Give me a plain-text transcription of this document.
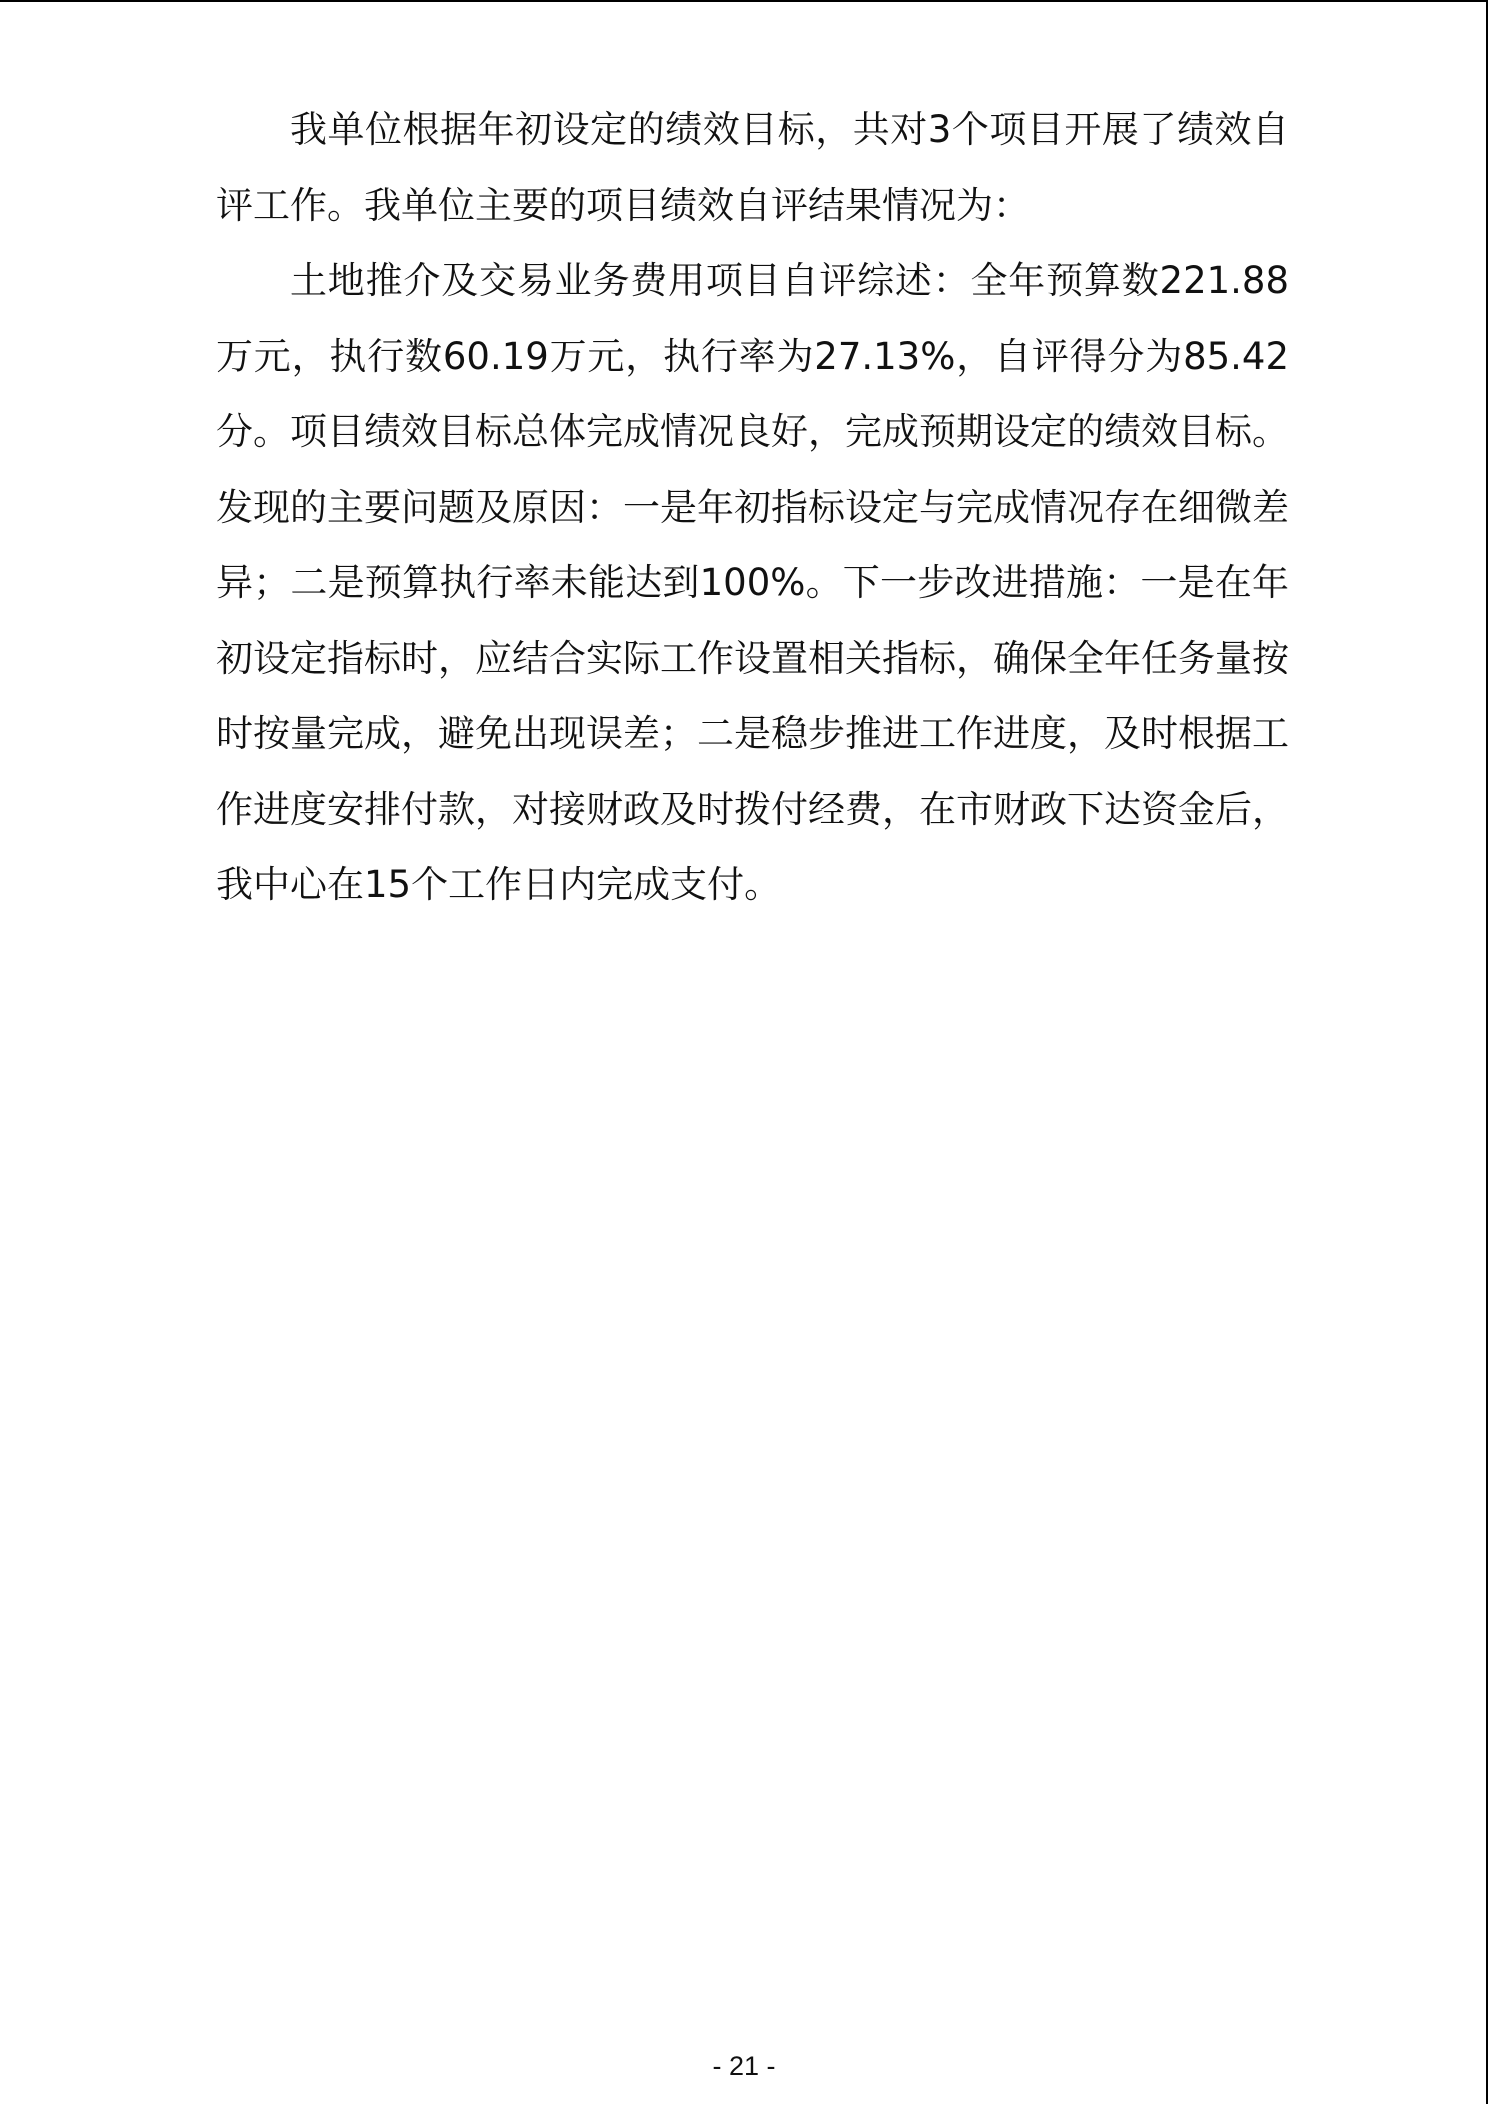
我单位根据年初设定的绩效目标，共对3个项目开展了绩效自评工作。我单位主要的项目绩效自评结果情况为：

土地推介及交易业务费用项目自评综述：全年预算数221.88万元，执行数60.19万元，执行率为27.13%，自评得分为85.42分。项目绩效目标总体完成情况良好，完成预期设定的绩效目标。发现的主要问题及原因：一是年初指标设定与完成情况存在细微差异；二是预算执行率未能达到100%。下一步改进措施：一是在年初设定指标时，应结合实际工作设置相关指标，确保全年任务量按时按量完成，避免出现误差；二是稳步推进工作进度，及时根据工作进度安排付款，对接财政及时拨付经费，在市财政下达资金后，我中心在15个工作日内完成支付。

- 21 -
